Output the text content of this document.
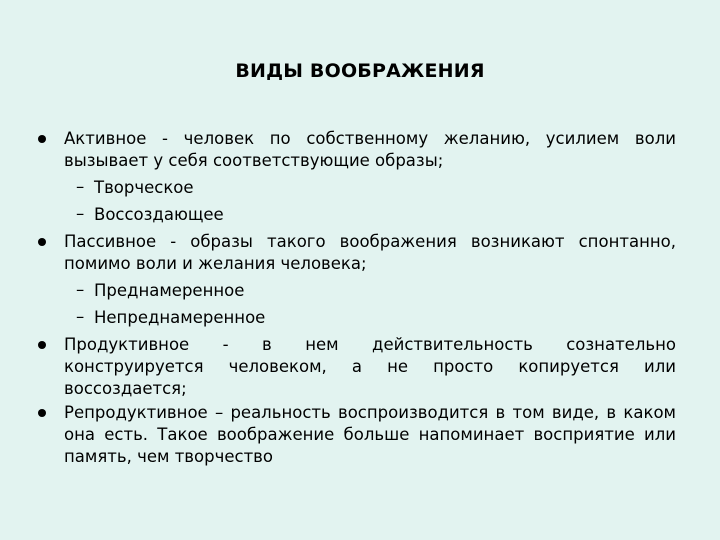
ВИДЫ ВООБРАЖЕНИЯ
Активное - человек по собственному желанию, усилием воли вызывает у себя соответствующие образы;
– Творческое
– Воссоздающее
Пассивное - образы такого воображения возникают спонтанно, помимо воли и желания человека;
– Преднамеренное
– Непреднамеренное
Продуктивное - в нем действительность сознательно конструируется человеком, а не просто копируется или воссоздается;
Репродуктивное – реальность воспроизводится в том виде, в каком она есть. Такое воображение больше напоминает восприятие или память, чем творчество
